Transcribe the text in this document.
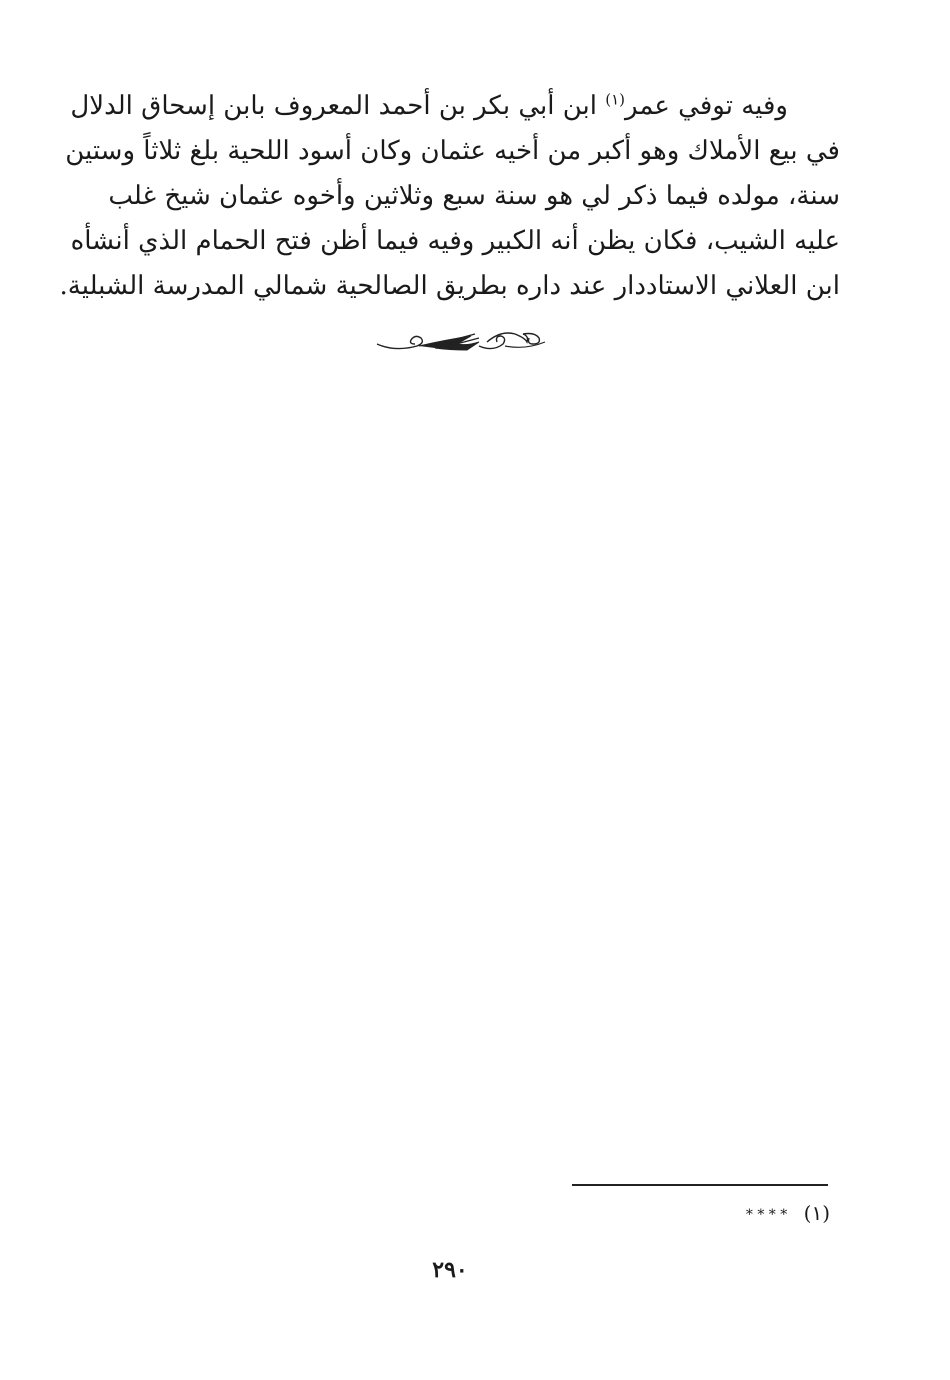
وفيه توفي عمر$^{(١)}$ ابن أبي بكر بن أحمد المعروف بابن إسحاق الدلال
في بيع الأملاك وهو أكبر من أخيه عثمان وكان أسود اللحية بلغ ثلاثاً وستين
سنة، مولده فيما ذكر لي هو سنة سبع وثلاثين وأخوه عثمان شيخ غلب
عليه الشيب، فكان يظن أنه الكبير وفيه فيما أظن فتح الحمام الذي أنشأه
ابن العلاني الاستاددار عند داره بطريق الصالحية شمالي المدرسة الشبلية.
(١) * * * *
٢٩٠
